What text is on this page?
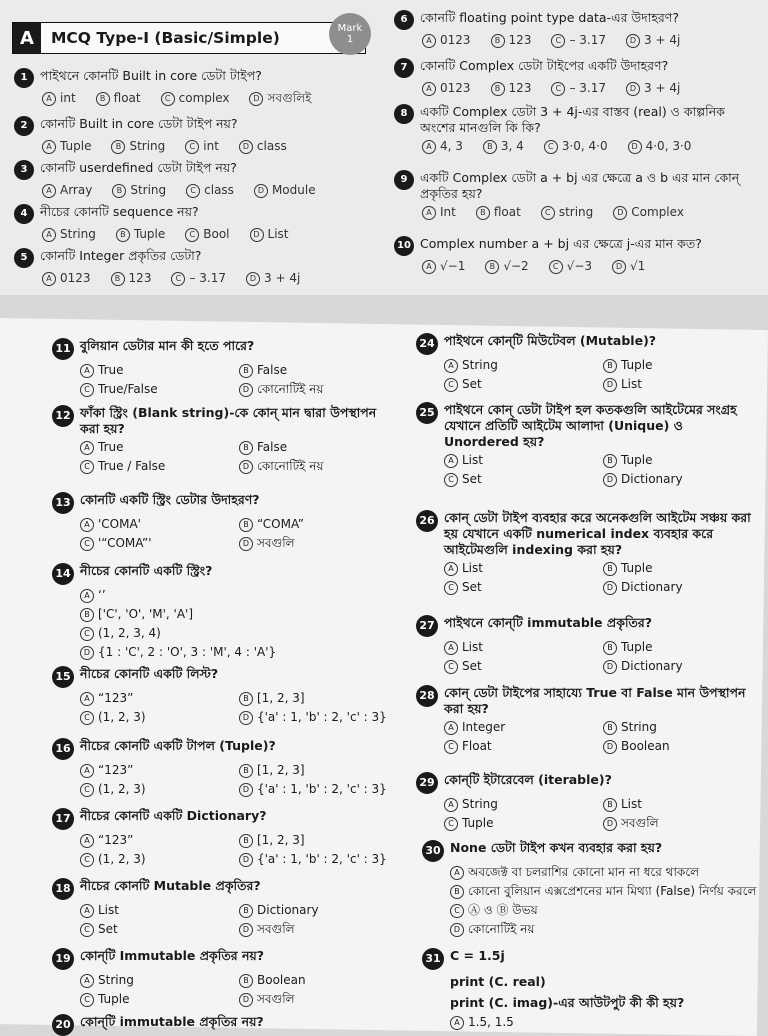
A	MCQ Type-I (Basic/Simple)
Mark
1
1	পাইথনে কোনটি Built in core ডেটা টাইপ?
A int	B float	C complex	D সবগুলিই
2	কোনটি Built in core ডেটা টাইপ নয়?
A Tuple	B String	C int	D class
3	কোনটি userdefined ডেটা টাইপ নয়?
A Array	B String	C class	D Module
4	নীচের কোনটি sequence নয়?
A String	B Tuple	C Bool	D List
5	কোনটি Integer প্রকৃতির ডেটা?
A 0123	B 123	C – 3.17	D 3 + 4j
6	কোনটি floating point type data-এর উদাহরণ?
A 0123	B 123	C – 3.17	D 3 + 4j
7	কোনটি Complex ডেটা টাইপের একটি উদাহরণ?
A 0123	B 123	C – 3.17	D 3 + 4j
8	একটি Complex ডেটা 3 + 4j-এর বাস্তব (real) ও কাল্পনিক অংশের মানগুলি কি কি?
A 4, 3	B 3, 4	C 3·0, 4·0	D 4·0, 3·0
9	একটি Complex ডেটা a + bj এর ক্ষেত্রে a ও b এর মান কোন্ প্রকৃতির হয়?
A Int	B float	C string	D Complex
10 Complex number a + bj এর ক্ষেত্রে j-এর মান কত?
A √−1	B √−2	C √−3	D √1
11 বুলিয়ান ডেটার মান কী হতে পারে?
A True	B False
C True/False	D কোনোটিই নয়
12 ফাঁকা স্ট্রিং (Blank string)-কে কোন্ মান দ্বারা উপস্থাপন করা হয়?
A True	B False
C True / False	D কোনোটিই নয়
13 কোনটি একটি স্ট্রিং ডেটার উদাহরণ?
A 'COMA'	B “COMA”
C '“COMA”'	D সবগুলি
14 নীচের কোনটি একটি স্ট্রিং?
A ‘’
B ['C', 'O', 'M', 'A']
C (1, 2, 3, 4)
D {1 : 'C', 2 : 'O', 3 : 'M', 4 : 'A'}
15 নীচের কোনটি একটি লিস্ট?
A “123”	B [1, 2, 3]
C (1, 2, 3)	D {'a' : 1, 'b' : 2, 'c' : 3}
16 নীচের কোনটি একটি টাপল (Tuple)?
A “123”	B [1, 2, 3]
C (1, 2, 3)	D {'a' : 1, 'b' : 2, 'c' : 3}
17 নীচের কোনটি একটি Dictionary?
A “123”	B [1, 2, 3]
C (1, 2, 3)	D {'a' : 1, 'b' : 2, 'c' : 3}
18 নীচের কোনটি Mutable প্রকৃতির?
A List	B Dictionary
C Set	D সবগুলি
19 কোন্‌টি Immutable প্রকৃতির নয়?
A String	B Boolean
C Tuple	D সবগুলি
20 কোন্‌টি immutable প্রকৃতির নয়?
24 পাইথনে কোন্‌টি মিউটেবল (Mutable)?
A String	B Tuple
C Set	D List
25 পাইথনে কোন্ ডেটা টাইপ হল কতকগুলি আইটেমের সংগ্রহ যেখানে প্রতিটি আইটেম আলাদা (Unique) ও Unordered হয়?
A List	B Tuple
C Set	D Dictionary
26 কোন্ ডেটা টাইপ ব্যবহার করে অনেকগুলি আইটেম সঞ্চয় করা হয় যেখানে একটি numerical index ব্যবহার করে আইটেমগুলি indexing করা হয়?
A List	B Tuple
C Set	D Dictionary
27 পাইথনে কোন্‌টি immutable প্রকৃতির?
A List	B Tuple
C Set	D Dictionary
28 কোন্ ডেটা টাইপের সাহায্যে True বা False মান উপস্থাপন করা হয়?
A Integer	B String
C Float	D Boolean
29 কোন্‌টি ইটারেবেল (iterable)?
A String	B List
C Tuple	D সবগুলি
30 None ডেটা টাইপ কখন ব্যবহার করা হয়?
A অবজেক্ট বা চলরাশির কোনো মান না ধরে থাকলে
B কোনো বুলিয়ান এক্সপ্রেশনের মান মিথ্যা (False) নির্ণয় করলে
C Ⓐ ও Ⓑ উভয়
D কোনোটিই নয়
31 C = 1.5j
print (C. real)
print (C. imag)-এর আউটপুট কী কী হয়?
A 1.5, 1.5
